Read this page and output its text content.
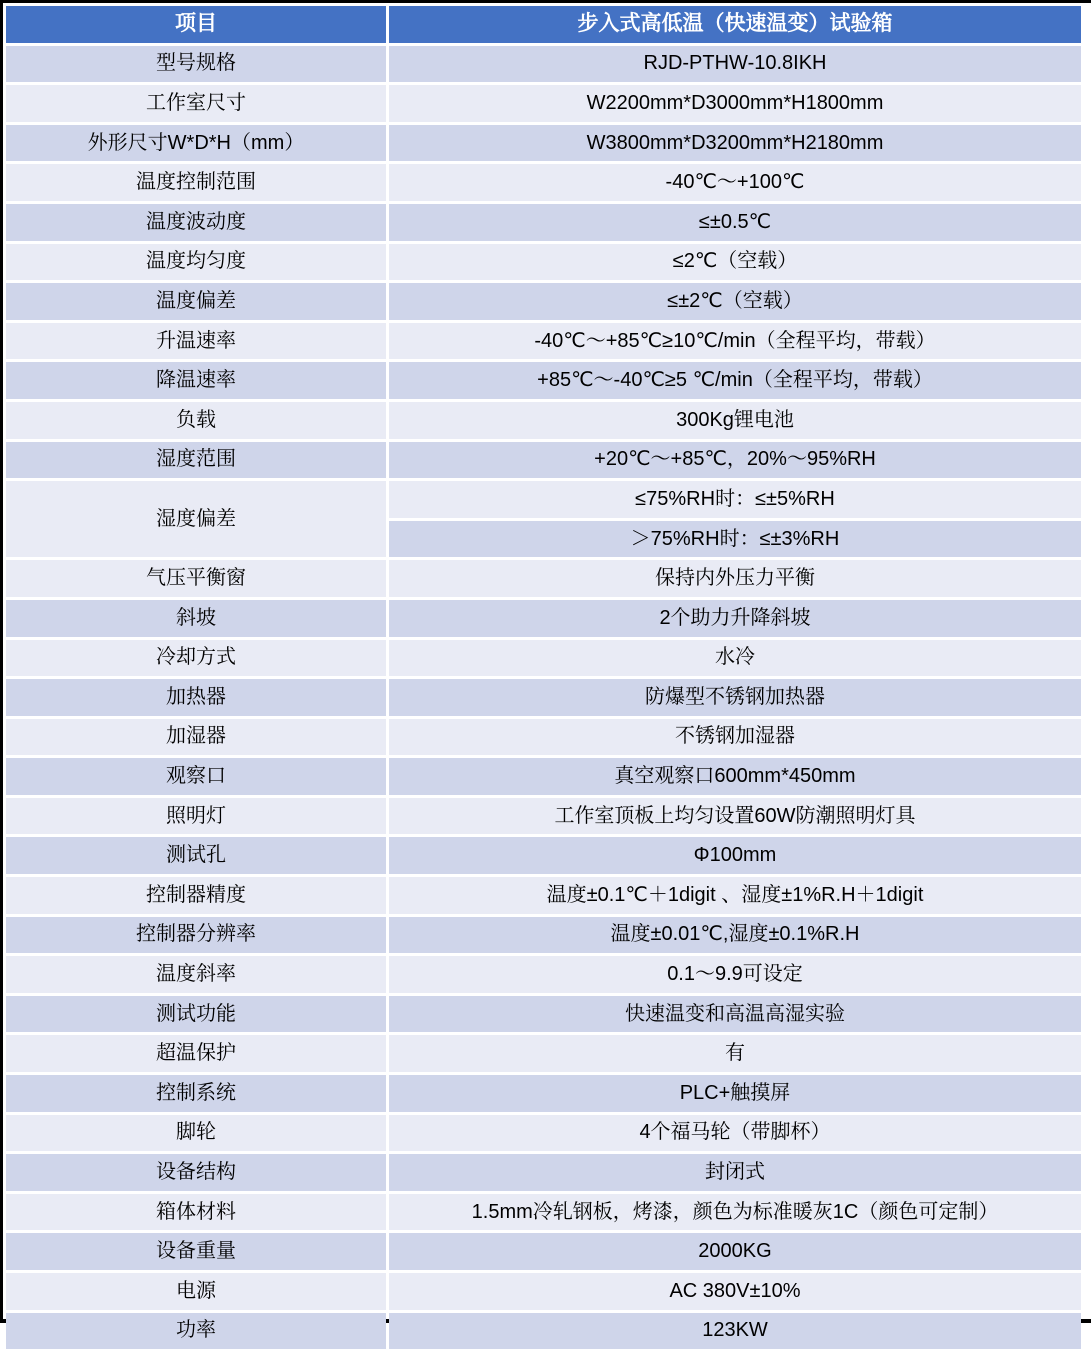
项目	步入式高低温（快速温变）试验箱
型号规格	RJD-PTHW-10.8IKH
工作室尺寸	W2200mm*D3000mm*H1800mm
外形尺寸W*D*H（mm）	W3800mm*D3200mm*H2180mm
温度控制范围	-40℃～+100℃
温度波动度	≤±0.5℃
温度均匀度	≤2℃（空载）
温度偏差	≤±2℃（空载）
升温速率	-40℃～+85℃≥10℃/min（全程平均，带载）
降温速率	+85℃～-40℃≥5 ℃/min（全程平均，带载）
负载	300Kg锂电池
湿度范围	+20℃～+85℃，20%～95%RH
湿度偏差	≤75%RH时：≤±5%RH
	＞75%RH时：≤±3%RH
气压平衡窗	保持内外压力平衡
斜坡	2个助力升降斜坡
冷却方式	水冷
加热器	防爆型不锈钢加热器
加湿器	不锈钢加湿器
观察口	真空观察口600mm*450mm
照明灯	工作室顶板上均匀设置60W防潮照明灯具
测试孔	Φ100mm
控制器精度	温度±0.1℃＋1digit 、湿度±1%R.H＋1digit
控制器分辨率	温度±0.01℃,湿度±0.1%R.H
温度斜率	0.1～9.9可设定
测试功能	快速温变和高温高湿实验
超温保护	有
控制系统	PLC+触摸屏
脚轮	4个福马轮（带脚杯）
设备结构	封闭式
箱体材料	1.5mm冷轧钢板，烤漆，颜色为标准暖灰1C（颜色可定制）
设备重量	2000KG
电源	AC 380V±10%
功率	123KW
